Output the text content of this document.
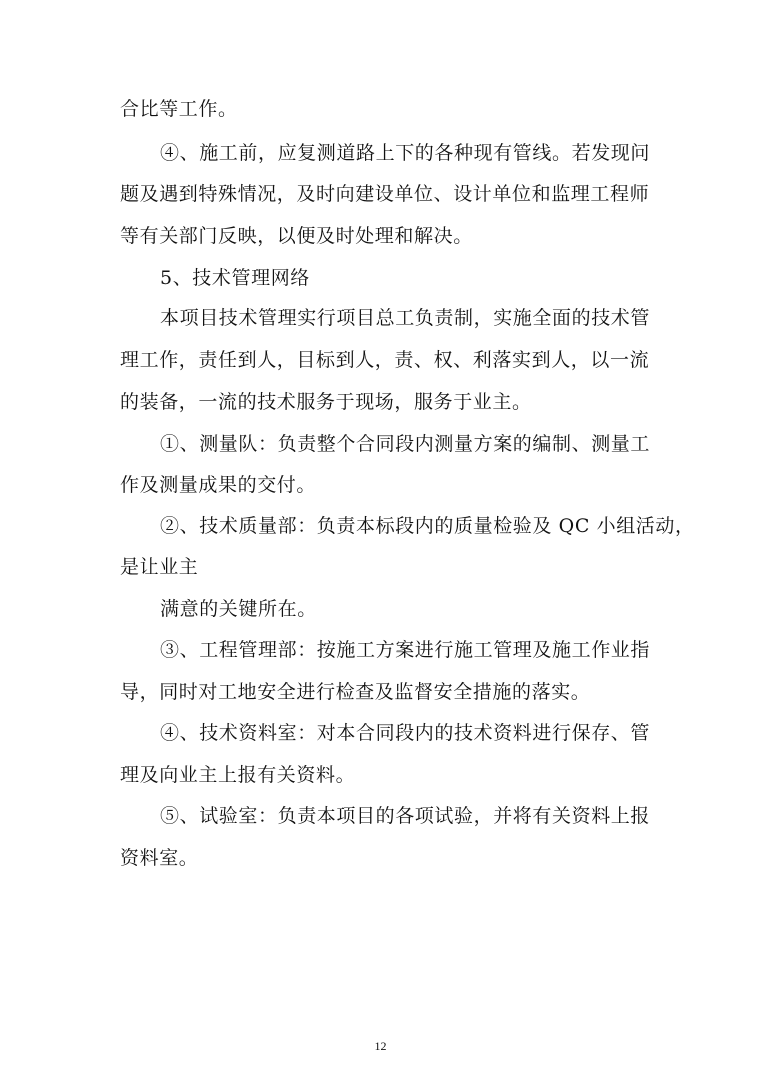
合比等工作。
④、施工前，应复测道路上下的各种现有管线。若发现问
题及遇到特殊情况，及时向建设单位、设计单位和监理工程师
等有关部门反映，以便及时处理和解决。
5、技术管理网络
本项目技术管理实行项目总工负责制，实施全面的技术管
理工作，责任到人，目标到人，责、权、利落实到人，以一流
的装备，一流的技术服务于现场，服务于业主。
①、测量队：负责整个合同段内测量方案的编制、测量工
作及测量成果的交付。
②、技术质量部：负责本标段内的质量检验及 QC 小组活动，
是让业主
满意的关键所在。
③、工程管理部：按施工方案进行施工管理及施工作业指
导，同时对工地安全进行检查及监督安全措施的落实。
④、技术资料室：对本合同段内的技术资料进行保存、管
理及向业主上报有关资料。
⑤、试验室：负责本项目的各项试验，并将有关资料上报
资料室。
12
